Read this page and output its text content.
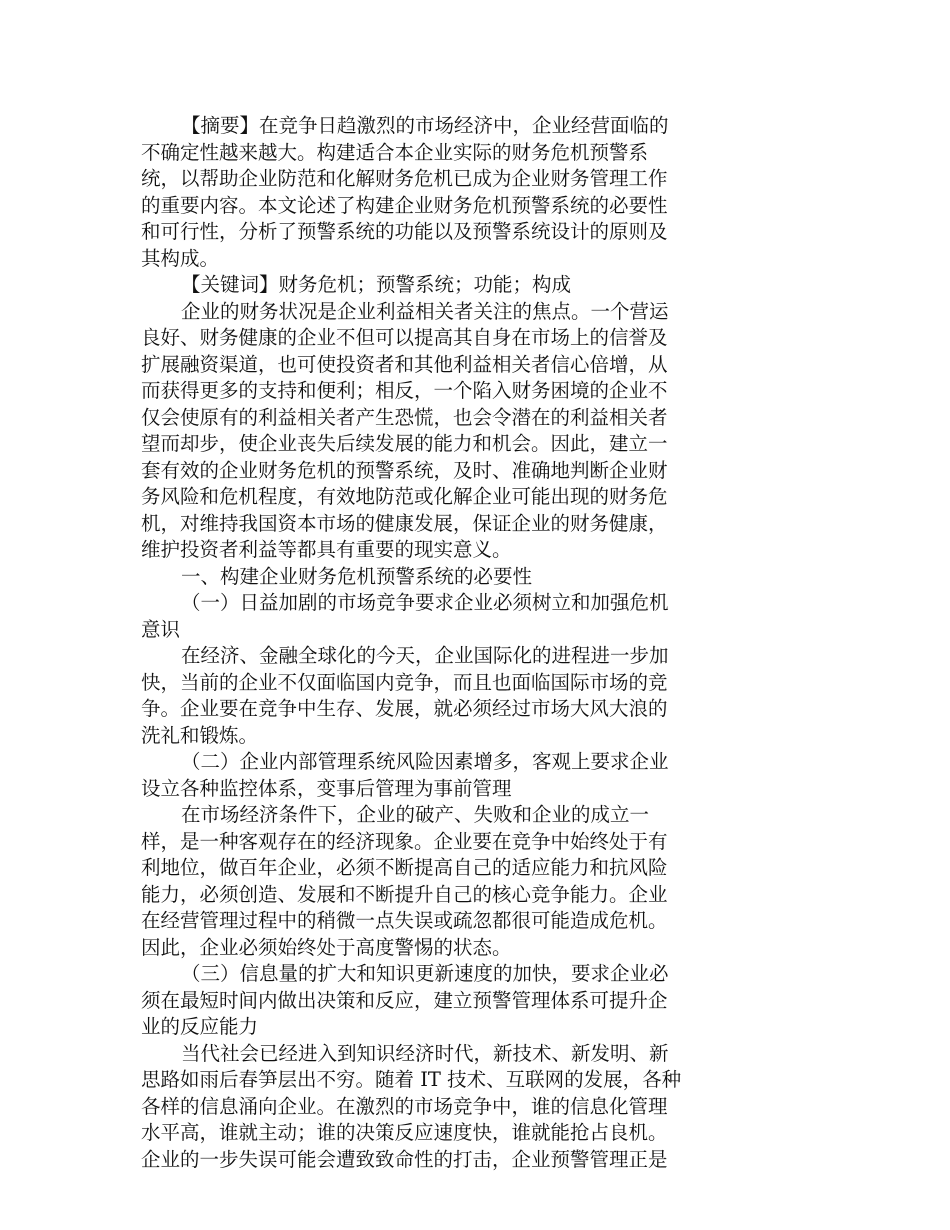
【摘要】在竞争日趋激烈的市场经济中，企业经营面临的
不确定性越来越大。构建适合本企业实际的财务危机预警系
统，以帮助企业防范和化解财务危机已成为企业财务管理工作
的重要内容。本文论述了构建企业财务危机预警系统的必要性
和可行性，分析了预警系统的功能以及预警系统设计的原则及
其构成。
【关键词】财务危机；预警系统；功能；构成
企业的财务状况是企业利益相关者关注的焦点。一个营运
良好、财务健康的企业不但可以提高其自身在市场上的信誉及
扩展融资渠道，也可使投资者和其他利益相关者信心倍增，从
而获得更多的支持和便利；相反，一个陷入财务困境的企业不
仅会使原有的利益相关者产生恐慌，也会令潜在的利益相关者
望而却步，使企业丧失后续发展的能力和机会。因此，建立一
套有效的企业财务危机的预警系统，及时、准确地判断企业财
务风险和危机程度，有效地防范或化解企业可能出现的财务危
机，对维持我国资本市场的健康发展，保证企业的财务健康，
维护投资者利益等都具有重要的现实意义。
一、构建企业财务危机预警系统的必要性
（一）日益加剧的市场竞争要求企业必须树立和加强危机
意识
在经济、金融全球化的今天，企业国际化的进程进一步加
快，当前的企业不仅面临国内竞争，而且也面临国际市场的竞
争。企业要在竞争中生存、发展，就必须经过市场大风大浪的
洗礼和锻炼。
（二）企业内部管理系统风险因素增多，客观上要求企业
设立各种监控体系，变事后管理为事前管理
在市场经济条件下，企业的破产、失败和企业的成立一
样，是一种客观存在的经济现象。企业要在竞争中始终处于有
利地位，做百年企业，必须不断提高自己的适应能力和抗风险
能力，必须创造、发展和不断提升自己的核心竞争能力。企业
在经营管理过程中的稍微一点失误或疏忽都很可能造成危机。
因此，企业必须始终处于高度警惕的状态。
（三）信息量的扩大和知识更新速度的加快，要求企业必
须在最短时间内做出决策和反应，建立预警管理体系可提升企
业的反应能力
当代社会已经进入到知识经济时代，新技术、新发明、新
思路如雨后春笋层出不穷。随着 IT 技术、互联网的发展，各种
各样的信息涌向企业。在激烈的市场竞争中，谁的信息化管理
水平高，谁就主动；谁的决策反应速度快，谁就能抢占良机。
企业的一步失误可能会遭致致命性的打击，企业预警管理正是
